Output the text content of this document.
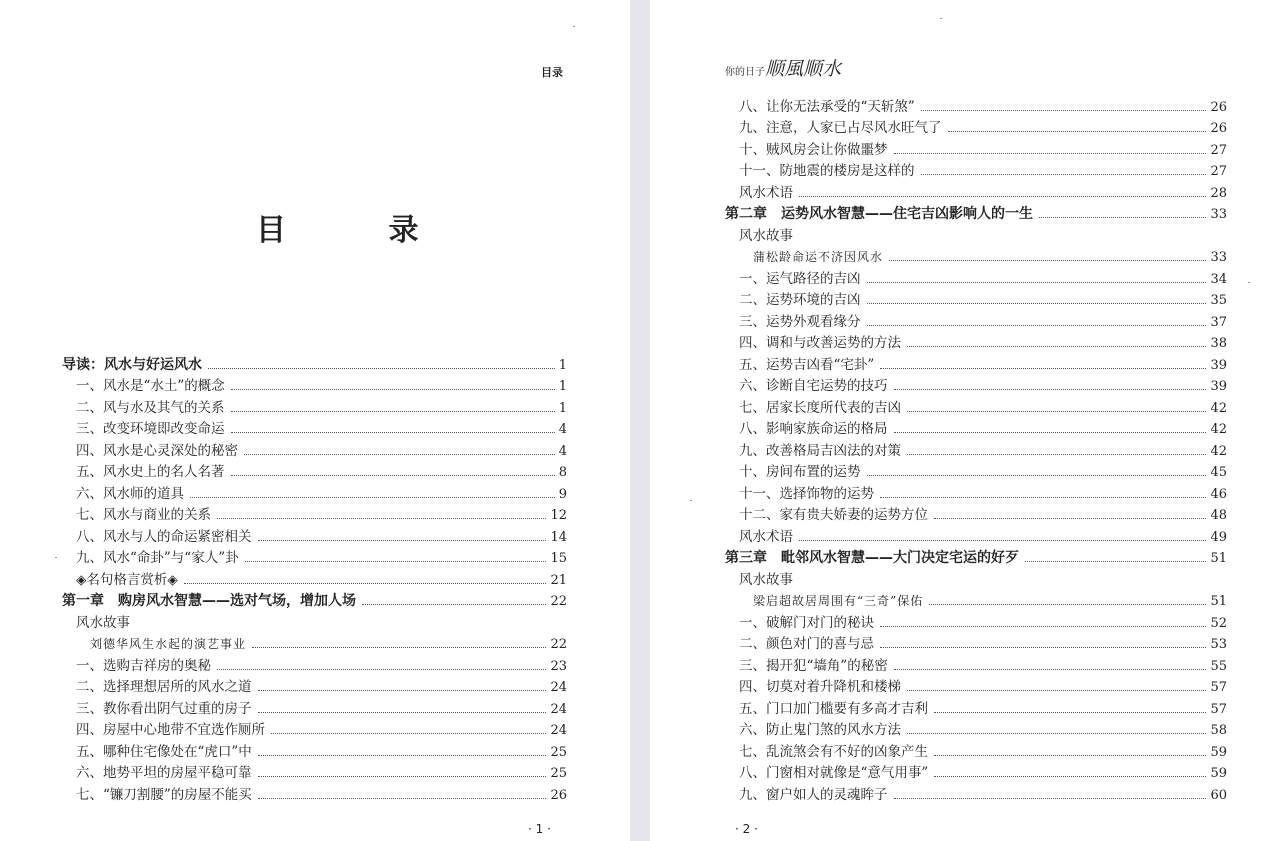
目录
目 录
导读：风水与好运风水	1
一、风水是“水土”的概念	1
二、风与水及其气的关系	1
三、改变环境即改变命运	4
四、风水是心灵深处的秘密	4
五、风水史上的名人名著	8
六、风水师的道具	9
七、风水与商业的关系	12
八、风水与人的命运紧密相关	14
九、风水“命卦”与“家人”卦	15
◈名句格言赏析◈	21
第一章　购房风水智慧——选对气场，增加人场	22
风水故事
刘德华风生水起的演艺事业	22
一、选购吉祥房的奥秘	23
二、选择理想居所的风水之道	24
三、教你看出阴气过重的房子	24
四、房屋中心地带不宜选作厕所	24
五、哪种住宅像处在“虎口”中	25
六、地势平坦的房屋平稳可靠	25
七、“镰刀割腰”的房屋不能买	26
· 1 ·
你的日子顺風顺水
八、让你无法承受的“天斩煞”	26
九、注意，人家已占尽风水旺气了	26
十、贼风房会让你做噩梦	27
十一、防地震的楼房是这样的	27
风水术语	28
第二章　运势风水智慧——住宅吉凶影响人的一生	33
风水故事
蒲松龄命运不济因风水	33
一、运气路径的吉凶	34
二、运势环境的吉凶	35
三、运势外观看缘分	37
四、调和与改善运势的方法	38
五、运势吉凶看“宅卦”	39
六、诊断自宅运势的技巧	39
七、居家长度所代表的吉凶	42
八、影响家族命运的格局	42
九、改善格局吉凶法的对策	42
十、房间布置的运势	45
十一、选择饰物的运势	46
十二、家有贵夫娇妻的运势方位	48
风水术语	49
第三章　毗邻风水智慧——大门决定宅运的好歹	51
风水故事
梁启超故居周围有“三奇”保佑	51
一、破解门对门的秘诀	52
二、颜色对门的喜与忌	53
三、揭开犯“墙角”的秘密	55
四、切莫对着升降机和楼梯	57
五、门口加门槛要有多高才吉利	57
六、防止鬼门煞的风水方法	58
七、乱流煞会有不好的凶象产生	59
八、门窗相对就像是“意气用事”	59
九、窗户如人的灵魂眸子	60
· 2 ·
